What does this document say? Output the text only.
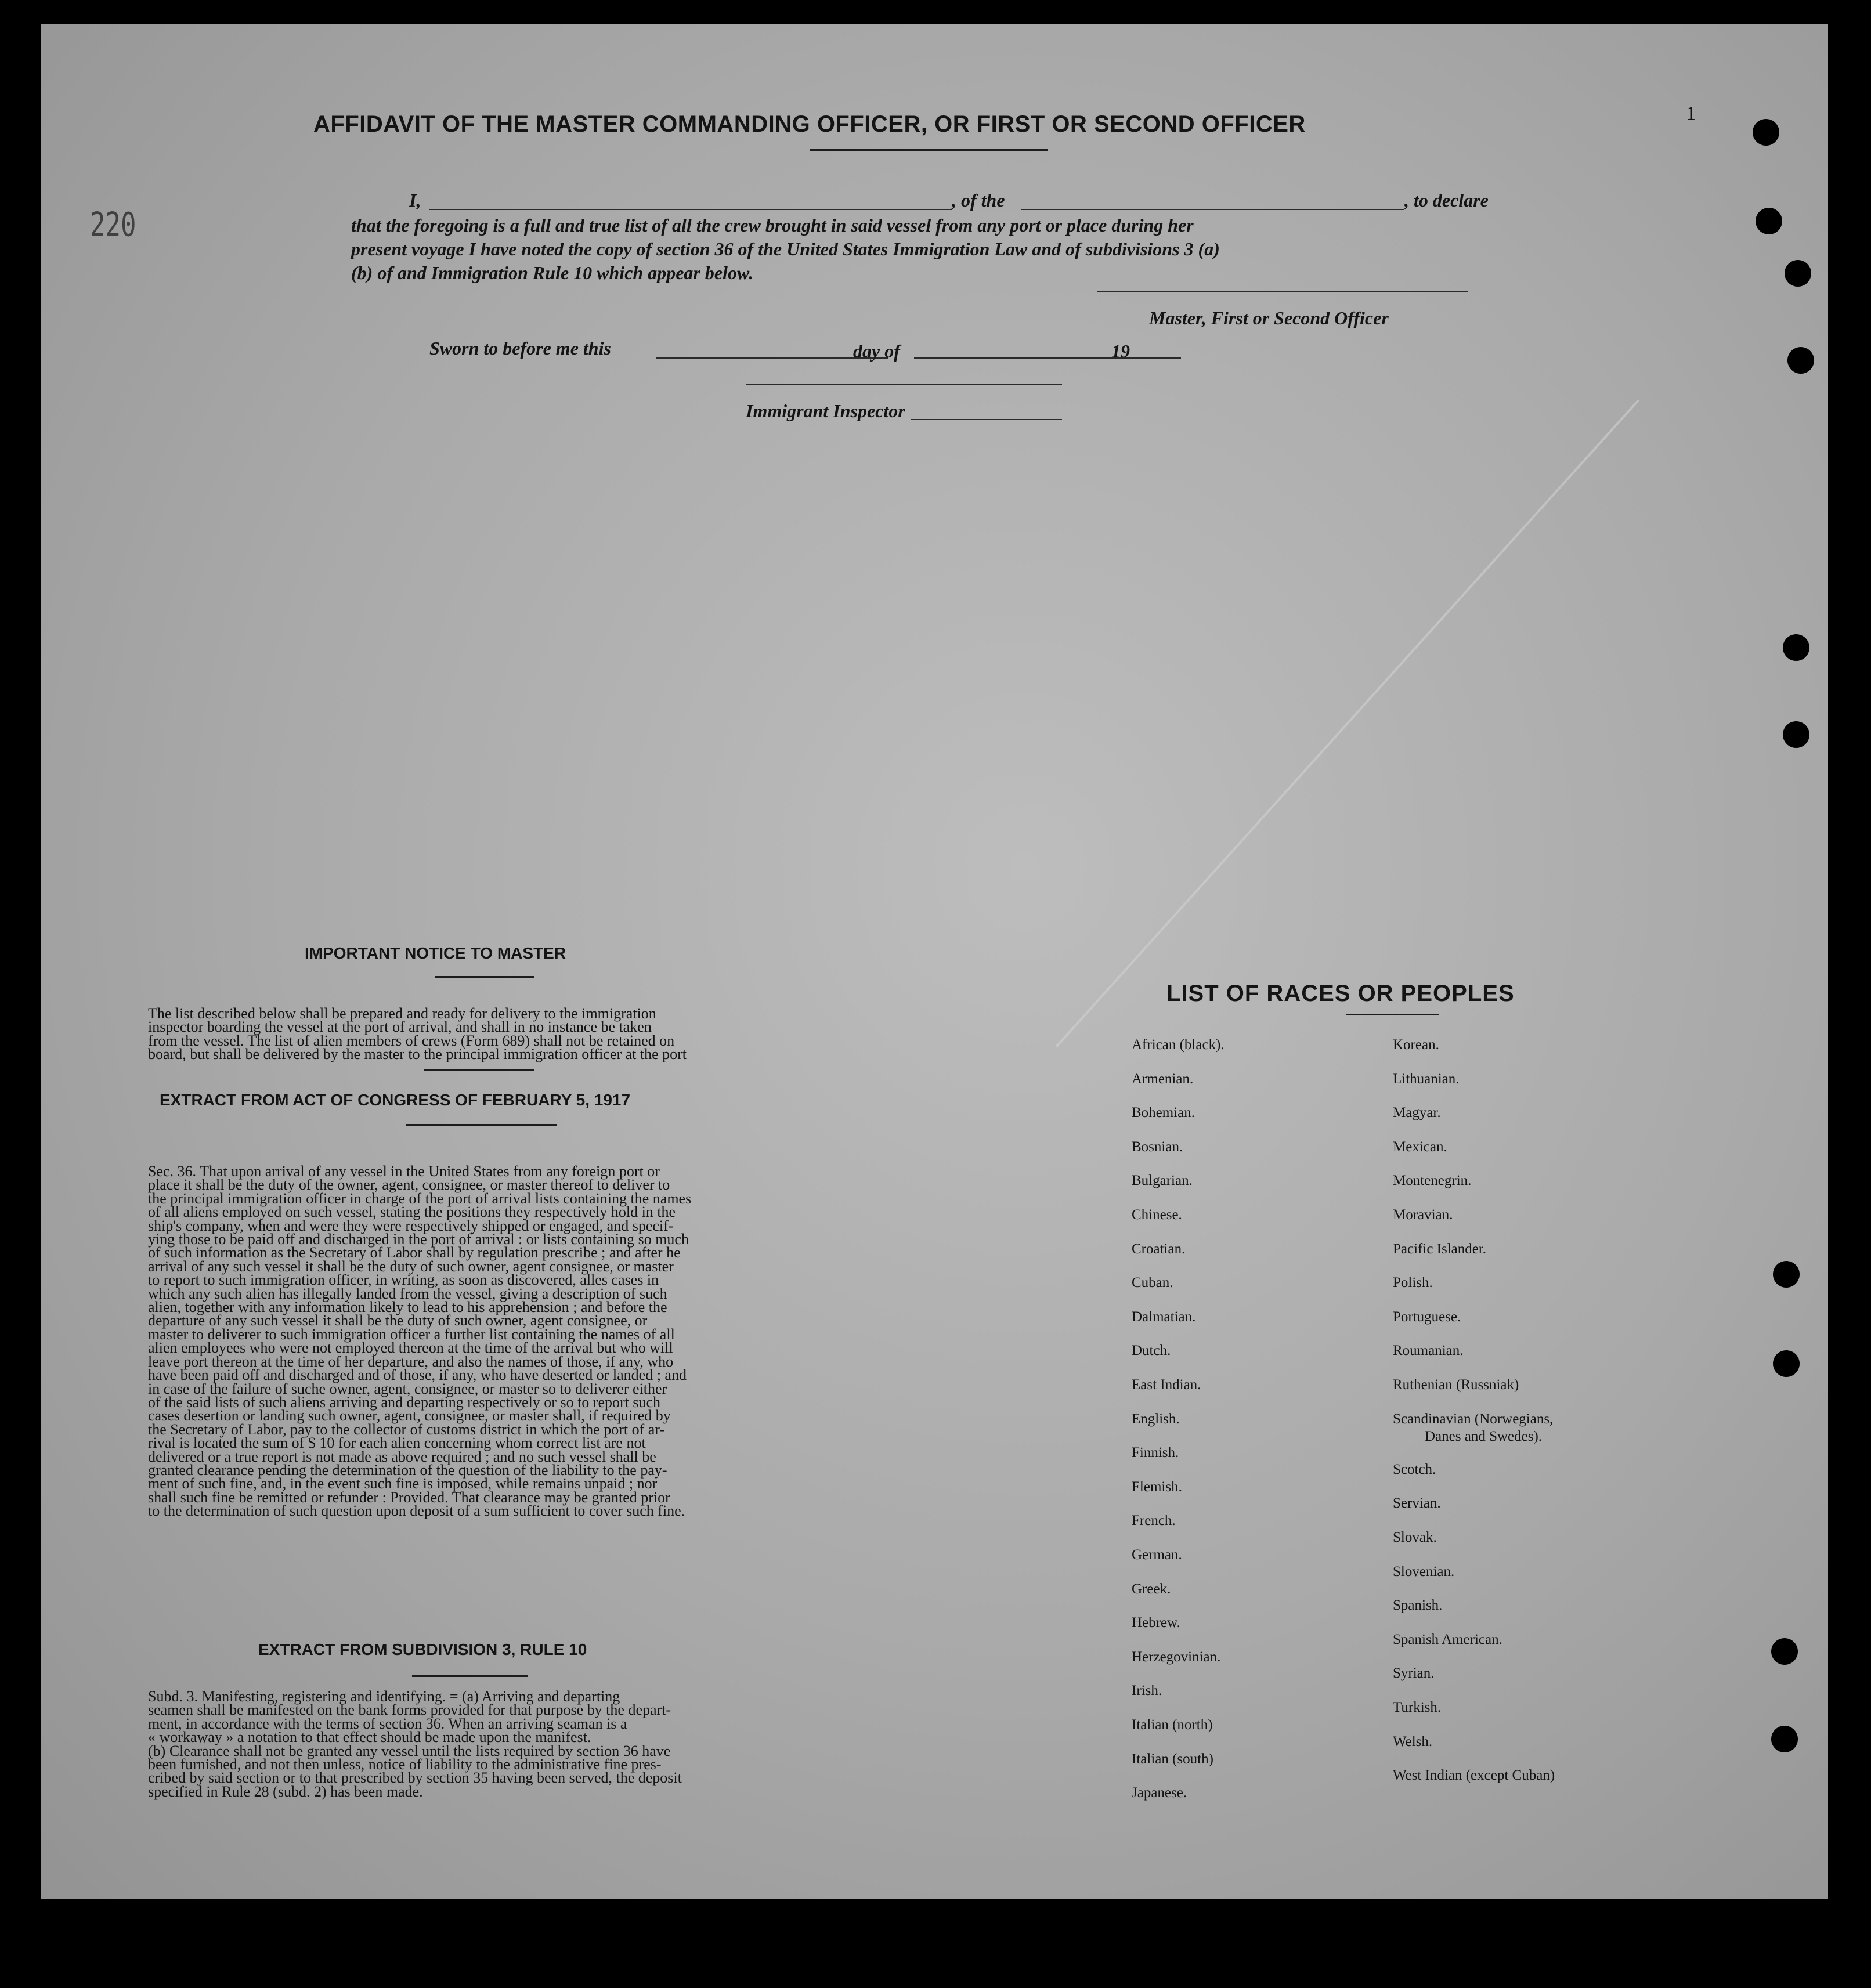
AFFIDAVIT OF THE MASTER COMMANDING OFFICER, OR FIRST OR SECOND OFFICER	1
220
I,	, of the	, to declare
that the foregoing is a full and true list of all the crew brought in said vessel from any port or place during her
present voyage I have noted the copy of section 36 of the United States Immigration Law and of subdivisions 3 (a)
(b) of and Immigration Rule 10 which appear below.
Master, First or Second Officer
Sworn to before me this	day of	19
Immigrant Inspector
IMPORTANT NOTICE TO MASTER
The list described below shall be prepared and ready for delivery to the immigration
inspector boarding the vessel at the port of arrival, and shall in no instance be taken
from the vessel. The list of alien members of crews (Form 689) shall not be retained on
board, but shall be delivered by the master to the principal immigration officer at the port
EXTRACT FROM ACT OF CONGRESS OF FEBRUARY 5, 1917
Sec. 36. That upon arrival of any vessel in the United States from any foreign port or
place it shall be the duty of the owner, agent, consignee, or master thereof to deliver to
the principal immigration officer in charge of the port of arrival lists containing the names
of all aliens employed on such vessel, stating the positions they respectively hold in the
ship's company, when and were they were respectively shipped or engaged, and specif-
ying those to be paid off and discharged in the port of arrival : or lists containing so much
of such information as the Secretary of Labor shall by regulation prescribe ; and after he
arrival of any such vessel it shall be the duty of such owner, agent consignee, or master
to report to such immigration officer, in writing, as soon as discovered, alles cases in
which any such alien has illegally landed from the vessel, giving a description of such
alien, together with any information likely to lead to his apprehension ; and before the
departure of any such vessel it shall be the duty of such owner, agent consignee, or
master to deliverer to such immigration officer a further list containing the names of all
alien employees who were not employed thereon at the time of the arrival but who will
leave port thereon at the time of her departure, and also the names of those, if any, who
have been paid off and discharged and of those, if any, who have deserted or landed ; and
in case of the failure of suche owner, agent, consignee, or master so to deliverer either
of the said lists of such aliens arriving and departing respectively or so to report such
cases desertion or landing such owner, agent, consignee, or master shall, if required by
the Secretary of Labor, pay to the collector of customs district in which the port of ar-
rival is located the sum of $ 10 for each alien concerning whom correct list are not
delivered or a true report is not made as above required ; and no such vessel shall be
granted clearance pending the determination of the question of the liability to the pay-
ment of such fine, and, in the event such fine is imposed, while remains unpaid ; nor
shall such fine be remitted or refunder : Provided. That clearance may be granted prior
to the determination of such question upon deposit of a sum sufficient to cover such fine.
EXTRACT FROM SUBDIVISION 3, RULE 10
Subd. 3. Manifesting, registering and identifying. = (a) Arriving and departing
seamen shall be manifested on the bank forms provided for that purpose by the depart-
ment, in accordance with the terms of section 36. When an arriving seaman is a
« workaway » a notation to that effect should be made upon the manifest.
(b) Clearance shall not be granted any vessel until the lists required by section 36 have
been furnished, and not then unless, notice of liability to the administrative fine pres-
cribed by said section or to that prescribed by section 35 having been served, the deposit
specified in Rule 28 (subd. 2) has been made.
LIST OF RACES OR PEOPLES
African (black).
Armenian.
Bohemian.
Bosnian.
Bulgarian.
Chinese.
Croatian.
Cuban.
Dalmatian.
Dutch.
East Indian.
English.
Finnish.
Flemish.
French.
German.
Greek.
Hebrew.
Herzegovinian.
Irish.
Italian (north)
Italian (south)
Japanese.
Korean.
Lithuanian.
Magyar.
Mexican.
Montenegrin.
Moravian.
Pacific Islander.
Polish.
Portuguese.
Roumanian.
Ruthenian (Russniak)
Scandinavian (Norwegians,
Danes and Swedes).
Scotch.
Servian.
Slovak.
Slovenian.
Spanish.
Spanish American.
Syrian.
Turkish.
Welsh.
West Indian (except Cuban)
